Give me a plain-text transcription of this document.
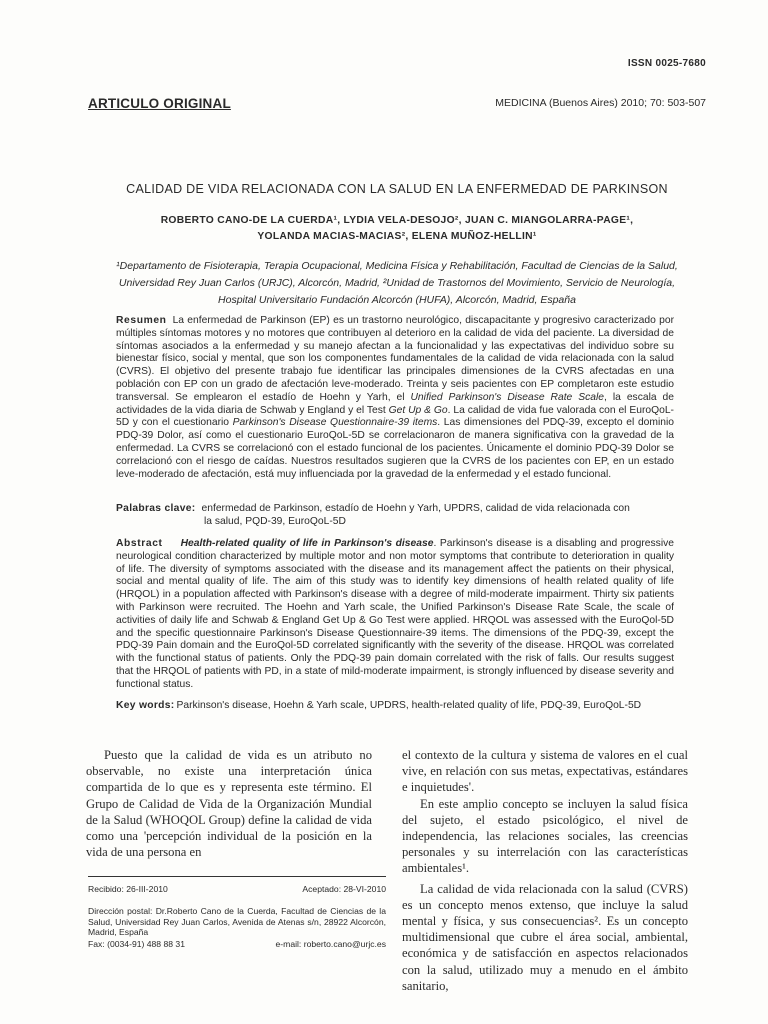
ISSN 0025-7680
ARTICULO ORIGINAL	MEDICINA (Buenos Aires) 2010; 70: 503-507
CALIDAD DE VIDA RELACIONADA CON LA SALUD EN LA ENFERMEDAD DE PARKINSON
ROBERTO CANO-DE LA CUERDA¹, LYDIA VELA-DESOJO², JUAN C. MIANGOLARRA-PAGE¹,
YOLANDA MACIAS-MACIAS², ELENA MUÑOZ-HELLIN¹
¹Departamento de Fisioterapia, Terapia Ocupacional, Medicina Física y Rehabilitación, Facultad de Ciencias de la Salud,
Universidad Rey Juan Carlos (URJC), Alcorcón, Madrid, ²Unidad de Trastornos del Movimiento, Servicio de Neurología,
Hospital Universitario Fundación Alcorcón (HUFA), Alcorcón, Madrid, España
Resumen La enfermedad de Parkinson (EP) es un trastorno neurológico, discapacitante y progresivo caracterizado por múltiples síntomas motores y no motores que contribuyen al deterioro en la calidad de vida del paciente. La diversidad de síntomas asociados a la enfermedad y su manejo afectan a la funcionalidad y las expectativas del individuo sobre su bienestar físico, social y mental, que son los componentes fundamentales de la calidad de vida relacionada con la salud (CVRS). El objetivo del presente trabajo fue identificar las principales dimensiones de la CVRS afectadas en una población con EP con un grado de afectación leve-moderado. Treinta y seis pacientes con EP completaron este estudio transversal. Se emplearon el estadío de Hoehn y Yarh, el Unified Parkinson's Disease Rate Scale, la escala de actividades de la vida diaria de Schwab y England y el Test Get Up & Go. La calidad de vida fue valorada con el EuroQoL-5D y con el cuestionario Parkinson's Disease Questionnaire-39 items. Las dimensiones del PDQ-39, excepto el dominio PDQ-39 Dolor, así como el cuestionario EuroQoL-5D se correlacionaron de manera significativa con la gravedad de la enfermedad. La CVRS se correlacionó con el estado funcional de los pacientes. Únicamente el dominio PDQ-39 Dolor se correlacionó con el riesgo de caídas. Nuestros resultados sugieren que la CVRS de los pacientes con EP, en un estado leve-moderado de afectación, está muy influenciada por la gravedad de la enfermedad y el estado funcional.
Palabras clave: enfermedad de Parkinson, estadío de Hoehn y Yarh, UPDRS, calidad de vida relacionada con
la salud, PQD-39, EuroQoL-5D
Abstract Health-related quality of life in Parkinson's disease. Parkinson's disease is a disabling and progressive neurological condition characterized by multiple motor and non motor symptoms that contribute to deterioration in quality of life. The diversity of symptoms associated with the disease and its management affect the patients on their physical, social and mental quality of life. The aim of this study was to identify key dimensions of health related quality of life (HRQOL) in a population affected with Parkinson's disease with a degree of mild-moderate impairment. Thirty six patients with Parkinson were recruited. The Hoehn and Yarh scale, the Unified Parkinson's Disease Rate Scale, the scale of activities of daily life and Schwab & England Get Up & Go Test were applied. HRQOL was assessed with the EuroQol-5D and the specific questionnaire Parkinson's Disease Questionnaire-39 items. The dimensions of the PDQ-39, except the PDQ-39 Pain domain and the EuroQol-5D correlated significantly with the severity of the disease. HRQOL was correlated with the functional status of patients. Only the PDQ-39 pain domain correlated with the risk of falls. Our results suggest that the HRQOL of patients with PD, in a state of mild-moderate impairment, is strongly influenced by disease severity and functional status.
Key words: Parkinson's disease, Hoehn & Yarh scale, UPDRS, health-related quality of life, PDQ-39, EuroQoL-5D

Puesto que la calidad de vida es un atributo no observable, no existe una interpretación única compartida de lo que es y representa este término. El Grupo de Calidad de Vida de la Organización Mundial de la Salud (WHOQOL Group) define la calidad de vida como una 'percepción individual de la posición en la vida de una persona en

el contexto de la cultura y sistema de valores en el cual vive, en relación con sus metas, expectativas, estándares e inquietudes'.

En este amplio concepto se incluyen la salud física del sujeto, el estado psicológico, el nivel de independencia, las relaciones sociales, las creencias personales y su interrelación con las características ambientales¹.

La calidad de vida relacionada con la salud (CVRS) es un concepto menos extenso, que incluye la salud mental y física, y sus consecuencias². Es un concepto multidimensional que cubre el área social, ambiental, económica y de satisfacción en aspectos relacionados con la salud, utilizado muy a menudo en el ámbito sanitario,

Recibido: 26-III-2010	Aceptado: 28-VI-2010
Dirección postal: Dr.Roberto Cano de la Cuerda, Facultad de Ciencias de la Salud, Universidad Rey Juan Carlos, Avenida de Atenas s/n, 28922 Alcorcón, Madrid, España
Fax: (0034-91) 488 88 31	e-mail: roberto.cano@urjc.es
